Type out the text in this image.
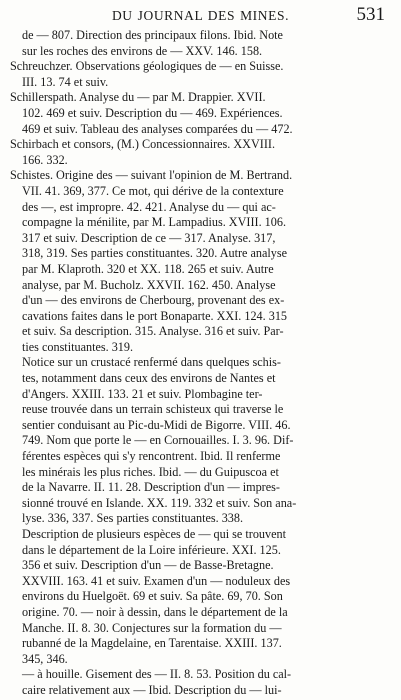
DU JOURNAL DES MINES.	531
de — 807. Direction des principaux filons. Ibid. Note
sur les roches des environs de — XXV. 146. 158.
Schreuchzer. Observations géologiques de — en Suisse.
III. 13. 74 et suiv.
Schillerspath. Analyse du — par M. Drappier. XVII.
102. 469 et suiv. Description du — 469. Expériences.
469 et suiv. Tableau des analyses comparées du — 472.
Schirbach et consors, (M.) Concessionnaires. XXVIII.
166. 332.
Schistes. Origine des — suivant l'opinion de M. Bertrand.
VII. 41. 369, 377. Ce mot, qui dérive de la contexture
des —, est impropre. 42. 421. Analyse du — qui ac-
compagne la ménilite, par M. Lampadius. XVIII. 106.
317 et suiv. Description de ce — 317. Analyse. 317,
318, 319. Ses parties constituantes. 320. Autre analyse
par M. Klaproth. 320 et XX. 118. 265 et suiv. Autre
analyse, par M. Bucholz. XXVII. 162. 450. Analyse
d'un — des environs de Cherbourg, provenant des ex-
cavations faites dans le port Bonaparte. XXI. 124. 315
et suiv. Sa description. 315. Analyse. 316 et suiv. Par-
ties constituantes. 319.
Notice sur un crustacé renfermé dans quelques schis-
tes, notamment dans ceux des environs de Nantes et
d'Angers. XXIII. 133. 21 et suiv. Plombagine ter-
reuse trouvée dans un terrain schisteux qui traverse le
sentier conduisant au Pic-du-Midi de Bigorre. VIII. 46.
749. Nom que porte le — en Cornouailles. I. 3. 96. Dif-
férentes espèces qui s'y rencontrent. Ibid. Il renferme
les minérais les plus riches. Ibid. — du Guipuscoa et
de la Navarre. II. 11. 28. Description d'un — impres-
sionné trouvé en Islande. XX. 119. 332 et suiv. Son ana-
lyse. 336, 337. Ses parties constituantes. 338.
Description de plusieurs espèces de — qui se trouvent
dans le département de la Loire inférieure. XXI. 125.
356 et suiv. Description d'un — de Basse-Bretagne.
XXVIII. 163. 41 et suiv. Examen d'un — noduleux des
environs du Huelgoët. 69 et suiv. Sa pâte. 69, 70. Son
origine. 70. — noir à dessin, dans le département de la
Manche. II. 8. 30. Conjectures sur la formation du —
rubanné de la Magdelaine, en Tarentaise. XXIII. 137.
345, 346.
— à houille. Gisement des — II. 8. 53. Position du cal-
caire relativement aux — Ibid. Description du — lui-
